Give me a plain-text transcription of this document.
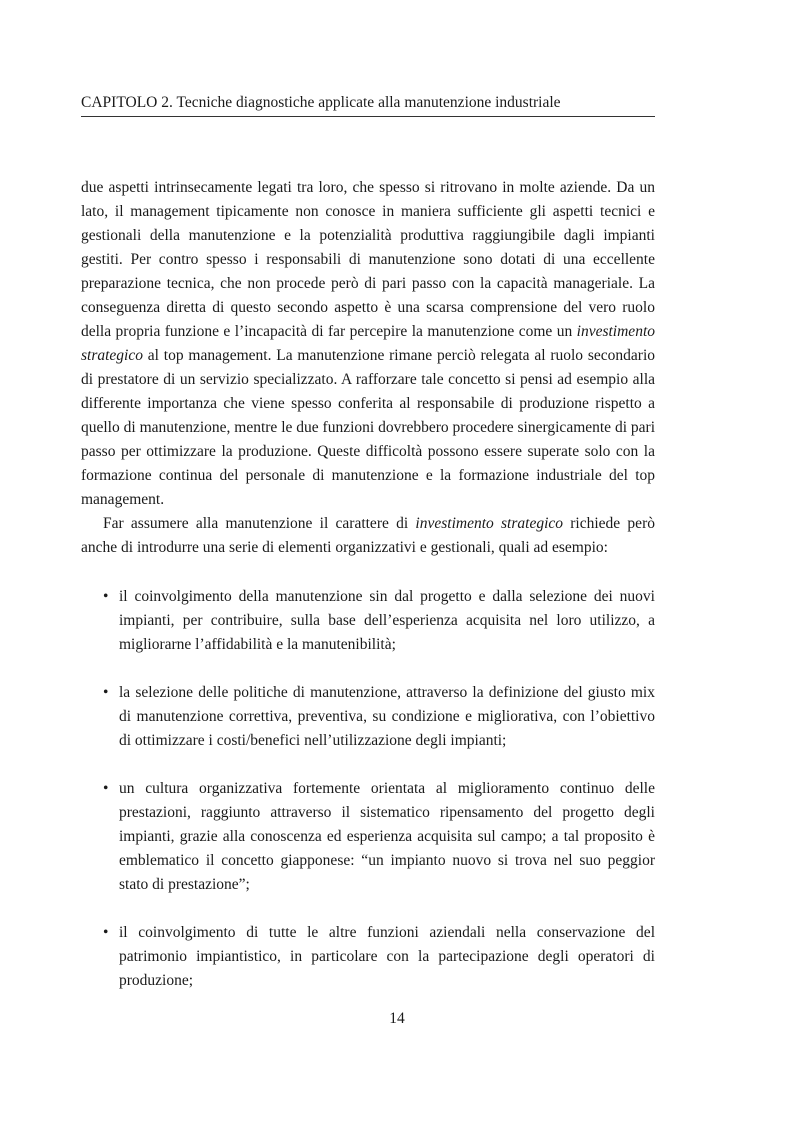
CAPITOLO 2. Tecniche diagnostiche applicate alla manutenzione industriale

due aspetti intrinsecamente legati tra loro, che spesso si ritrovano in molte aziende. Da un lato, il management tipicamente non conosce in maniera sufficiente gli aspetti tecnici e gestionali della manutenzione e la potenzialità produttiva raggiungibile dagli impianti gestiti. Per contro spesso i responsabili di manutenzione sono dotati di una eccellente preparazione tecnica, che non procede però di pari passo con la capacità manageriale. La conseguenza diretta di questo secondo aspetto è una scarsa comprensione del vero ruolo della propria funzione e l’incapacità di far percepire la manutenzione come un investimento strategico al top management. La manutenzione rimane perciò relegata al ruolo secondario di prestatore di un servizio specializzato. A rafforzare tale concetto si pensi ad esempio alla differente importanza che viene spesso conferita al responsabile di produzione rispetto a quello di manutenzione, mentre le due funzioni dovrebbero procedere sinergicamente di pari passo per ottimizzare la produzione. Queste difficoltà possono essere superate solo con la formazione continua del personale di manutenzione e la formazione industriale del top management.

Far assumere alla manutenzione il carattere di investimento strategico richiede però anche di introdurre una serie di elementi organizzativi e gestionali, quali ad esempio:

• il coinvolgimento della manutenzione sin dal progetto e dalla selezione dei nuovi impianti, per contribuire, sulla base dell’esperienza acquisita nel loro utilizzo, a migliorarne l’affidabilità e la manutenibilità;
• la selezione delle politiche di manutenzione, attraverso la definizione del giusto mix di manutenzione correttiva, preventiva, su condizione e migliorativa, con l’obiettivo di ottimizzare i costi/benefici nell’utilizzazione degli impianti;
• un cultura organizzativa fortemente orientata al miglioramento continuo delle prestazioni, raggiunto attraverso il sistematico ripensamento del progetto degli impianti, grazie alla conoscenza ed esperienza acquisita sul campo; a tal proposito è emblematico il concetto giapponese: “un impianto nuovo si trova nel suo peggior stato di prestazione”;
• il coinvolgimento di tutte le altre funzioni aziendali nella conservazione del patrimonio impiantistico, in particolare con la partecipazione degli operatori di produzione;
14
